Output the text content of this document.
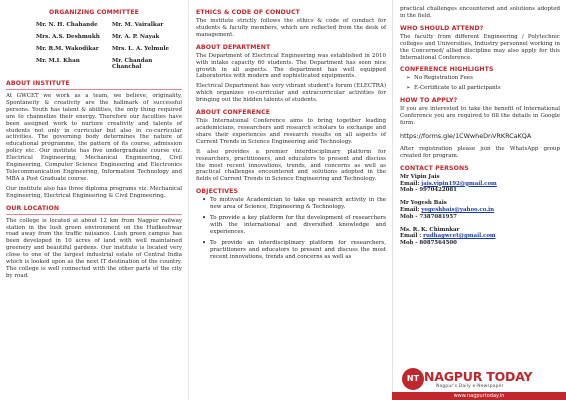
ORGANIZING COMMITTEE
Mr. N. H. Chahande	Mr. M. Vairalkar
Mrs. A.S. Deshmukh	Mr. A. P. Nayak
Mr. R.M. Wakodikar	Mrs. L. A. Yelmule
Mr. M.I. Khan	Mr. Chandan Chanchal
ABOUT INSTITUTE

At GWCET we work as a team, we believe, originality, Spontaneity & creativity are the hallmark of successful persons. Youth has talent & abilities, the only thing required are to channelize their energy. Therefore our faculties have been assigned work to nurture creativity and talents of students not only in curricular but also in co-curricular activities. The governing body determines the nature of educational programme, the pattern of its course, admission policy etc. Our institute has five undergraduate course viz. Electrical Engineering, Mechanical Engineering, Civil Engineering, Computer Science Engineering and Electronics Telecommunication Engineering, Information Technology and MBA a Post Graduate course.

Our institute also has three diploma programs viz. Mechanical Engineering, Electrical Engineering & Civil Engineering.

OUR LOCATION

The college is located at about 12 km from Nagpur railway station in the lush green environment on the Hudkeshwar road away from the traffic nuisance. Lush green campus has been developed in 10 acres of land with well maintained greenery and beautiful gardens. Our institute is located very close to one of the largest industrial estate of Central India which is looked upon as the next IT destination of the country. The college is well connected with the other parts of the city by road.

ETHICS & CODE OF CONDUCT

The institute strictly follows the ethics & code of conduct for students & faculty members, which are reflected from the desk of management.

ABOUT DEPARTMENT

The Department of Electrical Engineering was established in 2010 with intake capacity 60 students. The Department has seen nice growth in all aspects. The department has well equipped Laboratories with modern and sophisticated equipments.

Electrical Department has very vibrant student's forum (ELECTRA) which organizes co-curricular and extracurricular activities for bringing out the hidden talents of students.

ABOUT CONFERENCE

This International Conference aims to bring together leading academicians, researchers and research scholars to exchange and share their experiences and research results on all aspects of Current Trends in Science Engineering and Technology.

It also provides a premier interdisciplinary platform for researchers, practitioners, and educators to present and discuss the most recent innovations, trends, and concerns as well as practical challenges encountered and solutions adopted in the fields of Current Trends in Science Engineering and Technology.

OBJECTIVES
• To motivate Academician to take up research activity in the new area of Science, Engineering & Technology.
• To provide a key platform for the development of researchers with the international and diversified knowledge and experiences.
• To provide an interdisciplinary platform for researchers, practitioners and educators to present and discuss the most recent innovations, trends and concerns as well as

practical challenges encountered and solutions adopted in the field.

WHO SHOULD ATTEND?

The faculty from different Engineering / Polytechnic colleges and Universities, Industry personnel working in the Concerned/ allied discipline may also apply for this International Conference.

CONFERENCE HIGHLIGHTS
➢ No Registration Fees
➢ E-Certificate to all participants
HOW TO APPLY?

If you are interested to take the benefit of International Conference you are required to fill the details in Google form.

https://forms.gle/1CWwheDnVRKRCaKQA

After registration please join the WhatsApp group created for program.

CONTACT PERSONS
Mr Vipin Jais
Email: jais.vipin192@gmail.com
Mob - 9970422081
Mr Yogesh Bais
Email: yogeshbais@yahoo.co.in
Mob - 7387081957
Ms. R. K. Chimnkar
Email : rudhagwcet@gmail.com
Mob - 8087564500
NT NAGPUR TODAY
Nagpur's Daily e-Newspaper
www.nagpurtoday.in
